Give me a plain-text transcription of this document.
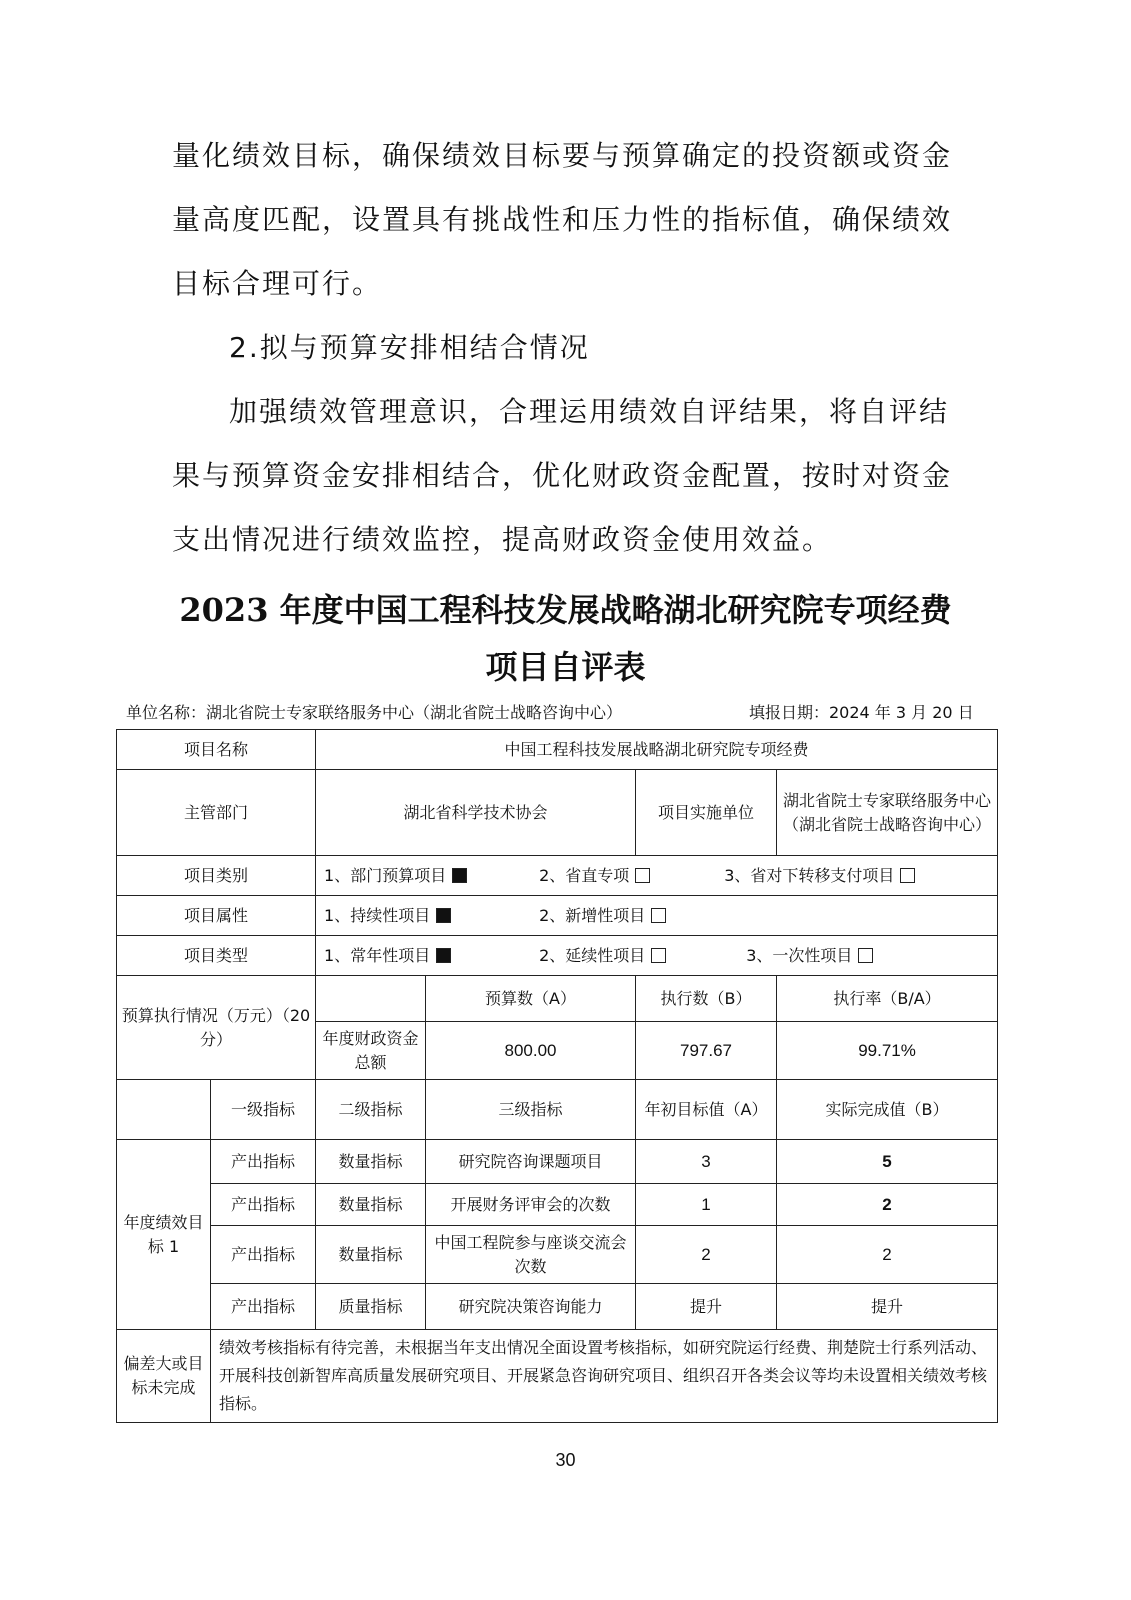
量化绩效目标，确保绩效目标要与预算确定的投资额或资金
量高度匹配，设置具有挑战性和压力性的指标值，确保绩效
目标合理可行。
2.拟与预算安排相结合情况
加强绩效管理意识，合理运用绩效自评结果，将自评结
果与预算资金安排相结合，优化财政资金配置，按时对资金
支出情况进行绩效监控，提高财政资金使用效益。
2023 年度中国工程科技发展战略湖北研究院专项经费
项目自评表
单位名称：湖北省院士专家联络服务中心（湖北省院士战略咨询中心）	填报日期：2024 年 3 月 20 日
项目名称		中国工程科技发展战略湖北研究院专项经费			
主管部门		湖北省科学技术协会		项目实施单位	湖北省院士专家联络服务中心（湖北省院士战略咨询中心）
项目类别		1、部门预算项目 2、省直专项 3、省对下转移支付项目			
项目属性		1、持续性项目 2、新增性项目			
项目类型		1、常年性项目 2、延续性项目 3、一次性项目			
预算执行情况（万元）（20 分）			预算数（A）	执行数（B）	执行率（B/A）
		年度财政资金总额	800.00	797.67	99.71%
	一级指标	二级指标	三级指标	年初目标值（A）	实际完成值（B）
年度绩效目标 1	产出指标	数量指标	研究院咨询课题项目	3	5
	产出指标	数量指标	开展财务评审会的次数	1	2
	产出指标	数量指标	中国工程院参与座谈交流会次数	2	2
	产出指标	质量指标	研究院决策咨询能力	提升	提升
偏差大或目标未完成	绩效考核指标有待完善，未根据当年支出情况全面设置考核指标，如研究院运行经费、荆楚院士行系列活动、开展科技创新智库高质量发展研究项目、开展紧急咨询研究项目、组织召开各类会议等均未设置相关绩效考核指标。				
30
